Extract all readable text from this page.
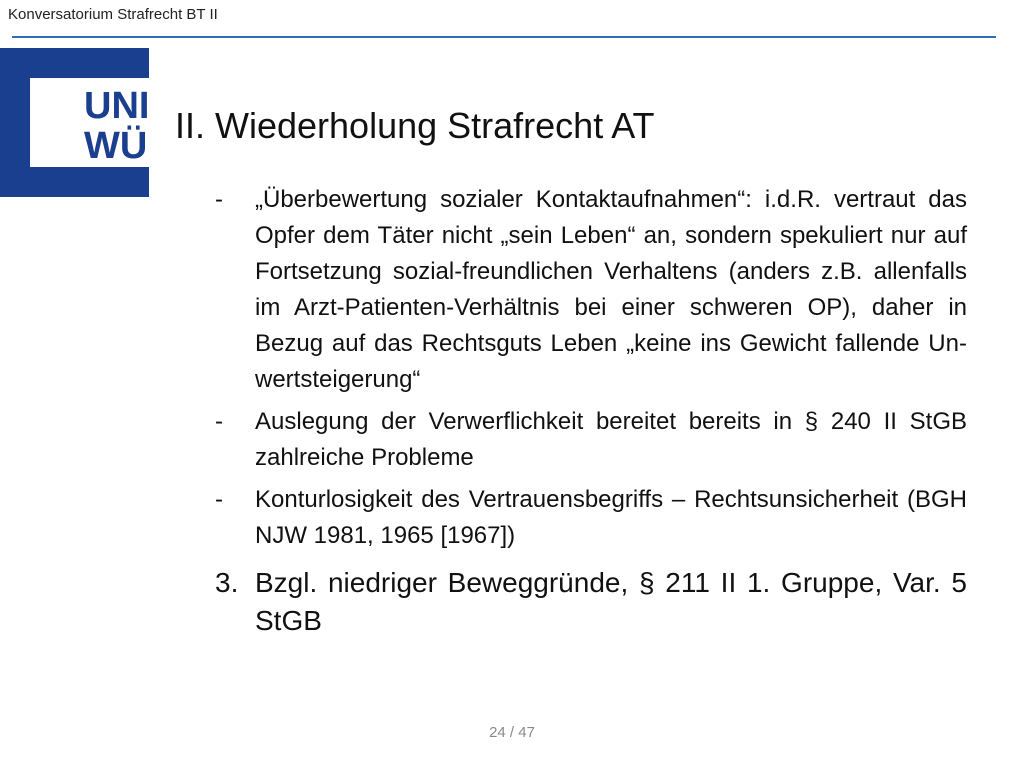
Konversatorium Strafrecht BT II
UNI
WÜ II. Wiederholung Strafrecht AT
- „Überbewertung sozialer Kontaktaufnahmen“: i.d.R. vertraut das Opfer dem Täter nicht „sein Leben“ an, sondern spekuliert nur auf Fortsetzung sozial-freundlichen Verhaltens (anders z.B. allenfalls im Arzt-Patienten-Verhältnis bei einer schweren OP), daher in Bezug auf das Rechtsguts Leben „keine ins Gewicht fallende Unwertsteigerung“
- Auslegung der Verwerflichkeit bereitet bereits in § 240 II StGB zahlreiche Probleme
- Konturlosigkeit des Vertrauensbegriffs – Rechtsunsicherheit (BGH NJW 1981, 1965 [1967])
3. Bzgl. niedriger Beweggründe, § 211 II 1. Gruppe, Var. 5 StGB
24 / 47
